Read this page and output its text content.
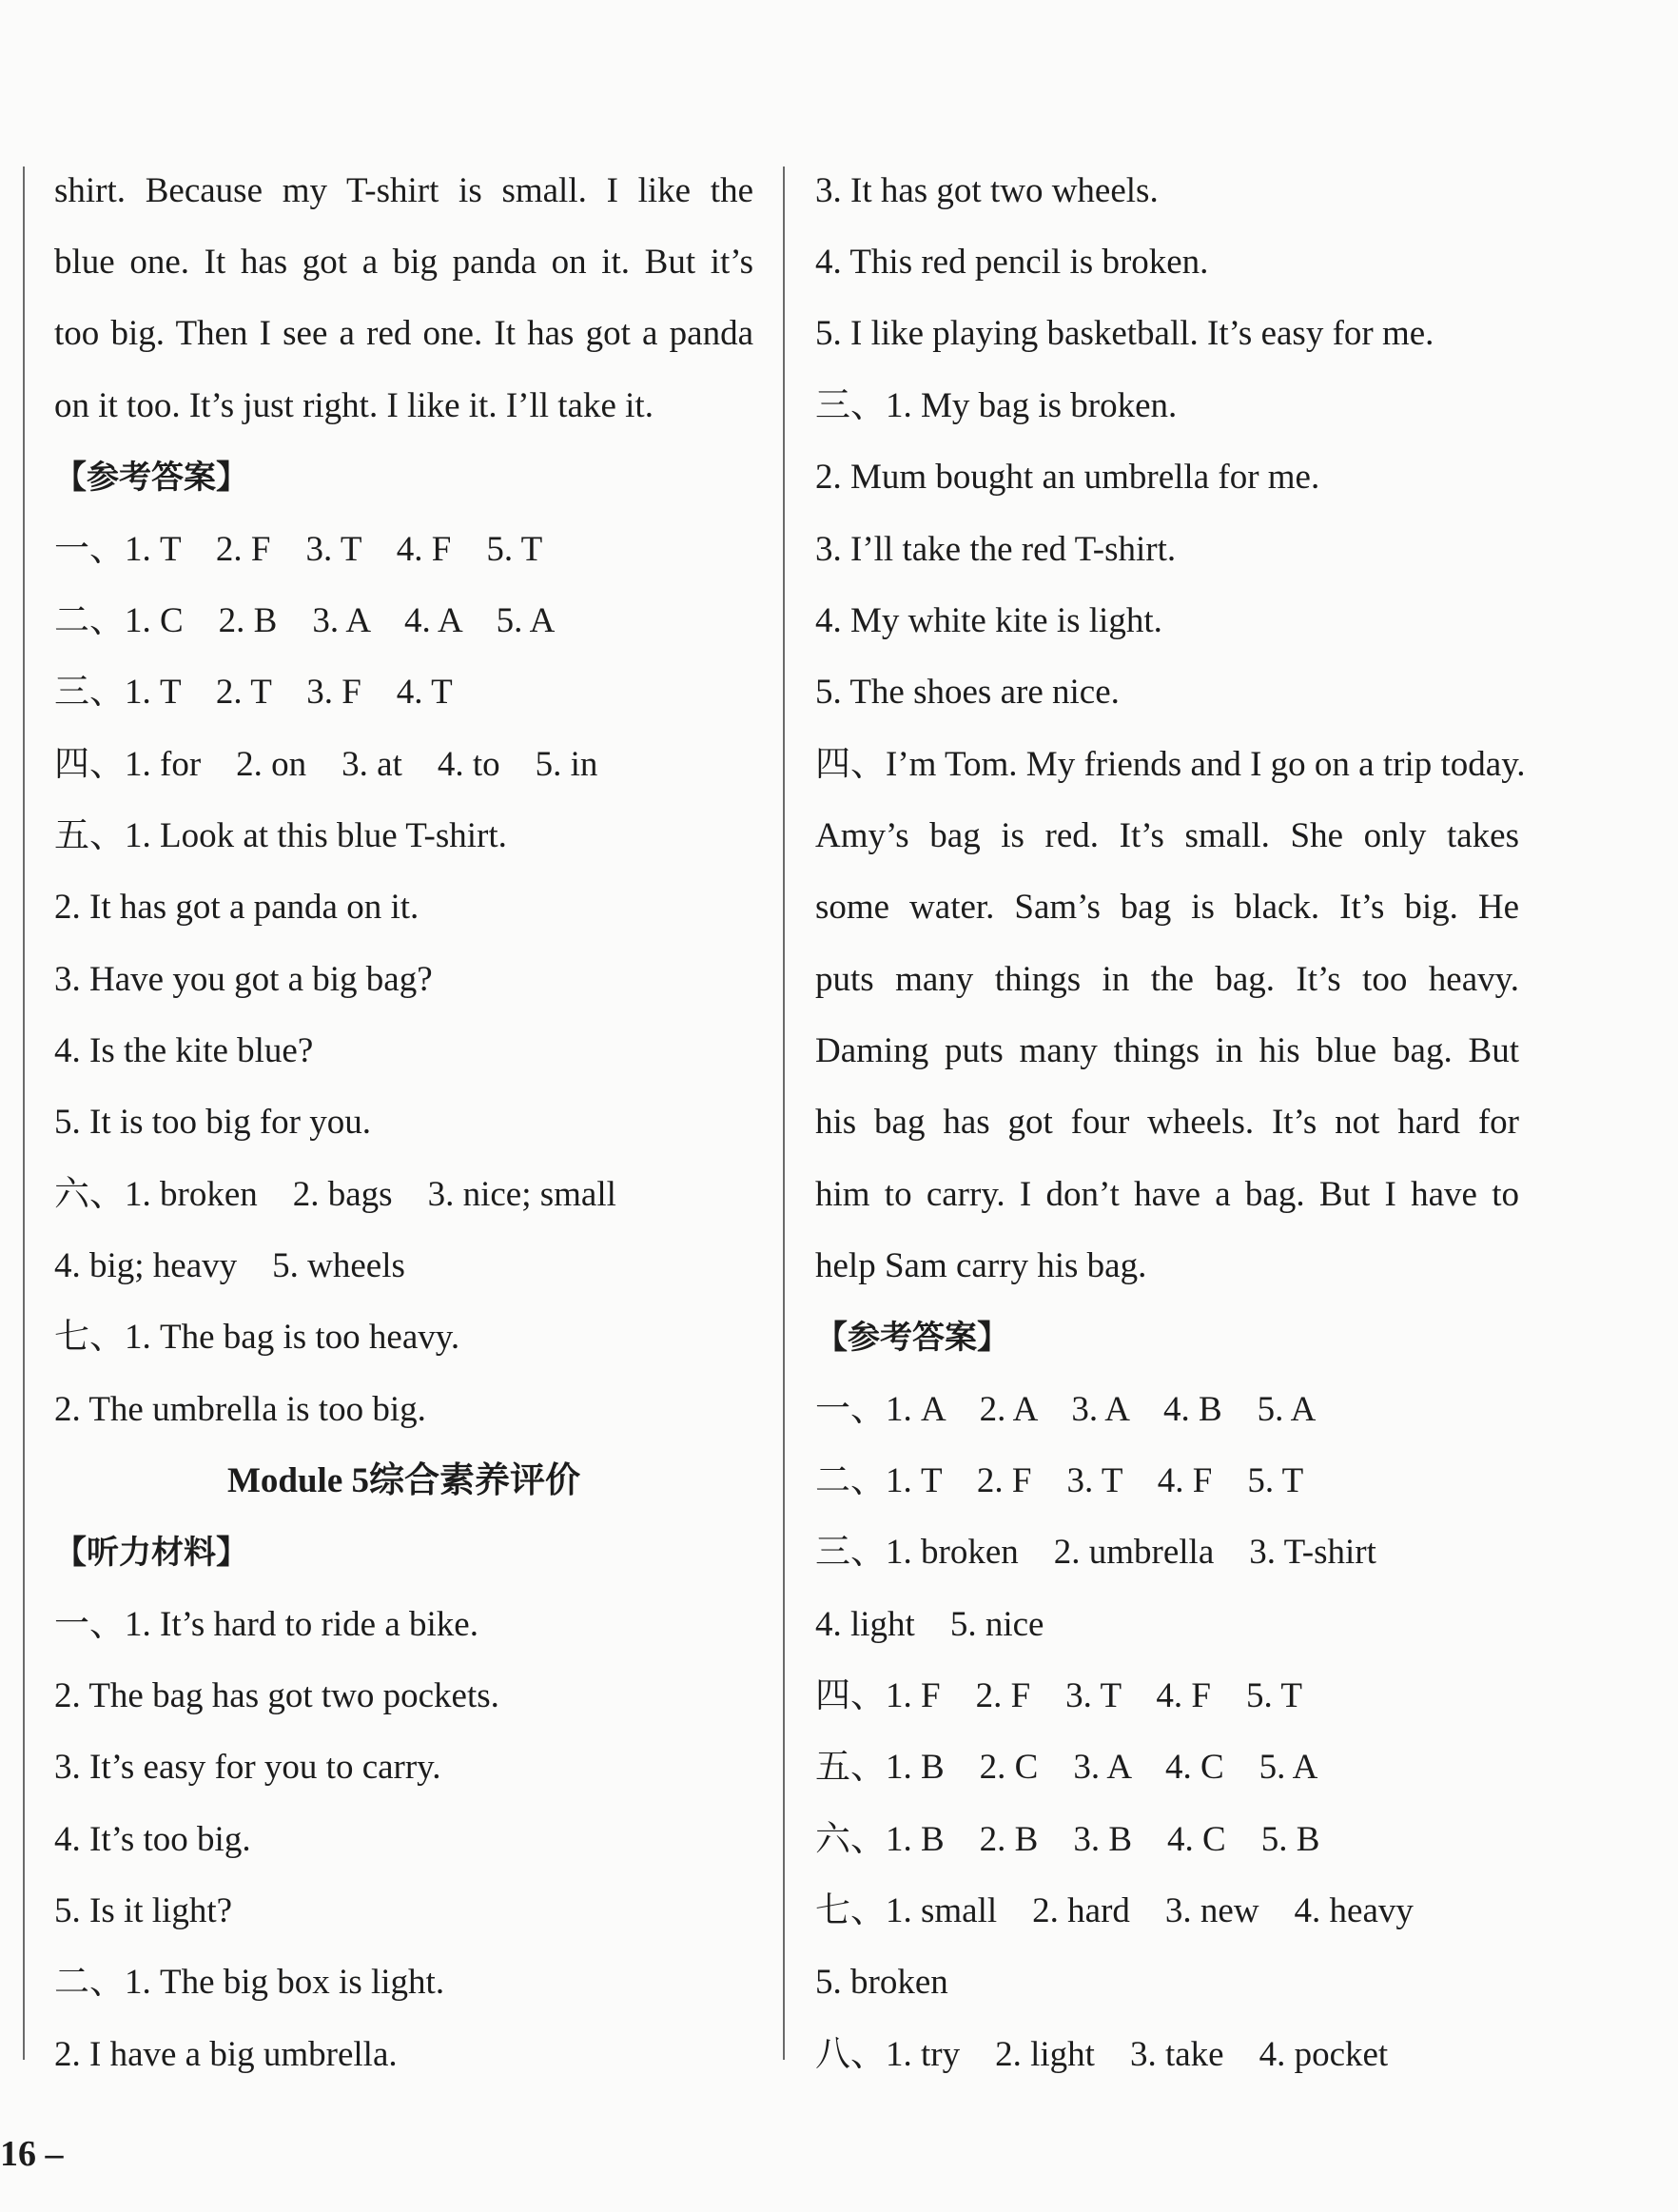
shirt. Because my T-shirt is small. I like the
blue one. It has got a big panda on it. But it’s
too big. Then I see a red one. It has got a panda
on it too. It’s just right. I like it. I’ll take it.
【参考答案】
一、1. T    2. F    3. T    4. F    5. T
二、1. C    2. B    3. A    4. A    5. A
三、1. T    2. T    3. F    4. T
四、1. for    2. on    3. at    4. to    5. in
五、1. Look at this blue T-shirt.
2. It has got a panda on it.
3. Have you got a big bag?
4. Is the kite blue?
5. It is too big for you.
六、1. broken    2. bags    3. nice; small
4. big; heavy    5. wheels
七、1. The bag is too heavy.
2. The umbrella is too big.
Module 5综合素养评价
【听力材料】
一、1. It’s hard to ride a bike.
2. The bag has got two pockets.
3. It’s easy for you to carry.
4. It’s too big.
5. Is it light?
二、1. The big box is light.
2. I have a big umbrella.
3. It has got two wheels.
4. This red pencil is broken.
5. I like playing basketball. It’s easy for me.
三、1. My bag is broken.
2. Mum bought an umbrella for me.
3. I’ll take the red T-shirt.
4. My white kite is light.
5. The shoes are nice.
四、I’m Tom. My friends and I go on a trip today.
Amy’s bag is red. It’s small. She only takes
some water. Sam’s bag is black. It’s big. He
puts many things in the bag. It’s too heavy.
Daming puts many things in his blue bag. But
his bag has got four wheels. It’s not hard for
him to carry. I don’t have a bag. But I have to
help Sam carry his bag.
【参考答案】
一、1. A    2. A    3. A    4. B    5. A
二、1. T    2. F    3. T    4. F    5. T
三、1. broken    2. umbrella    3. T-shirt
4. light    5. nice
四、1. F    2. F    3. T    4. F    5. T
五、1. B    2. C    3. A    4. C    5. A
六、1. B    2. B    3. B    4. C    5. B
七、1. small    2. hard    3. new    4. heavy
5. broken
八、1. try    2. light    3. take    4. pocket
16 –
